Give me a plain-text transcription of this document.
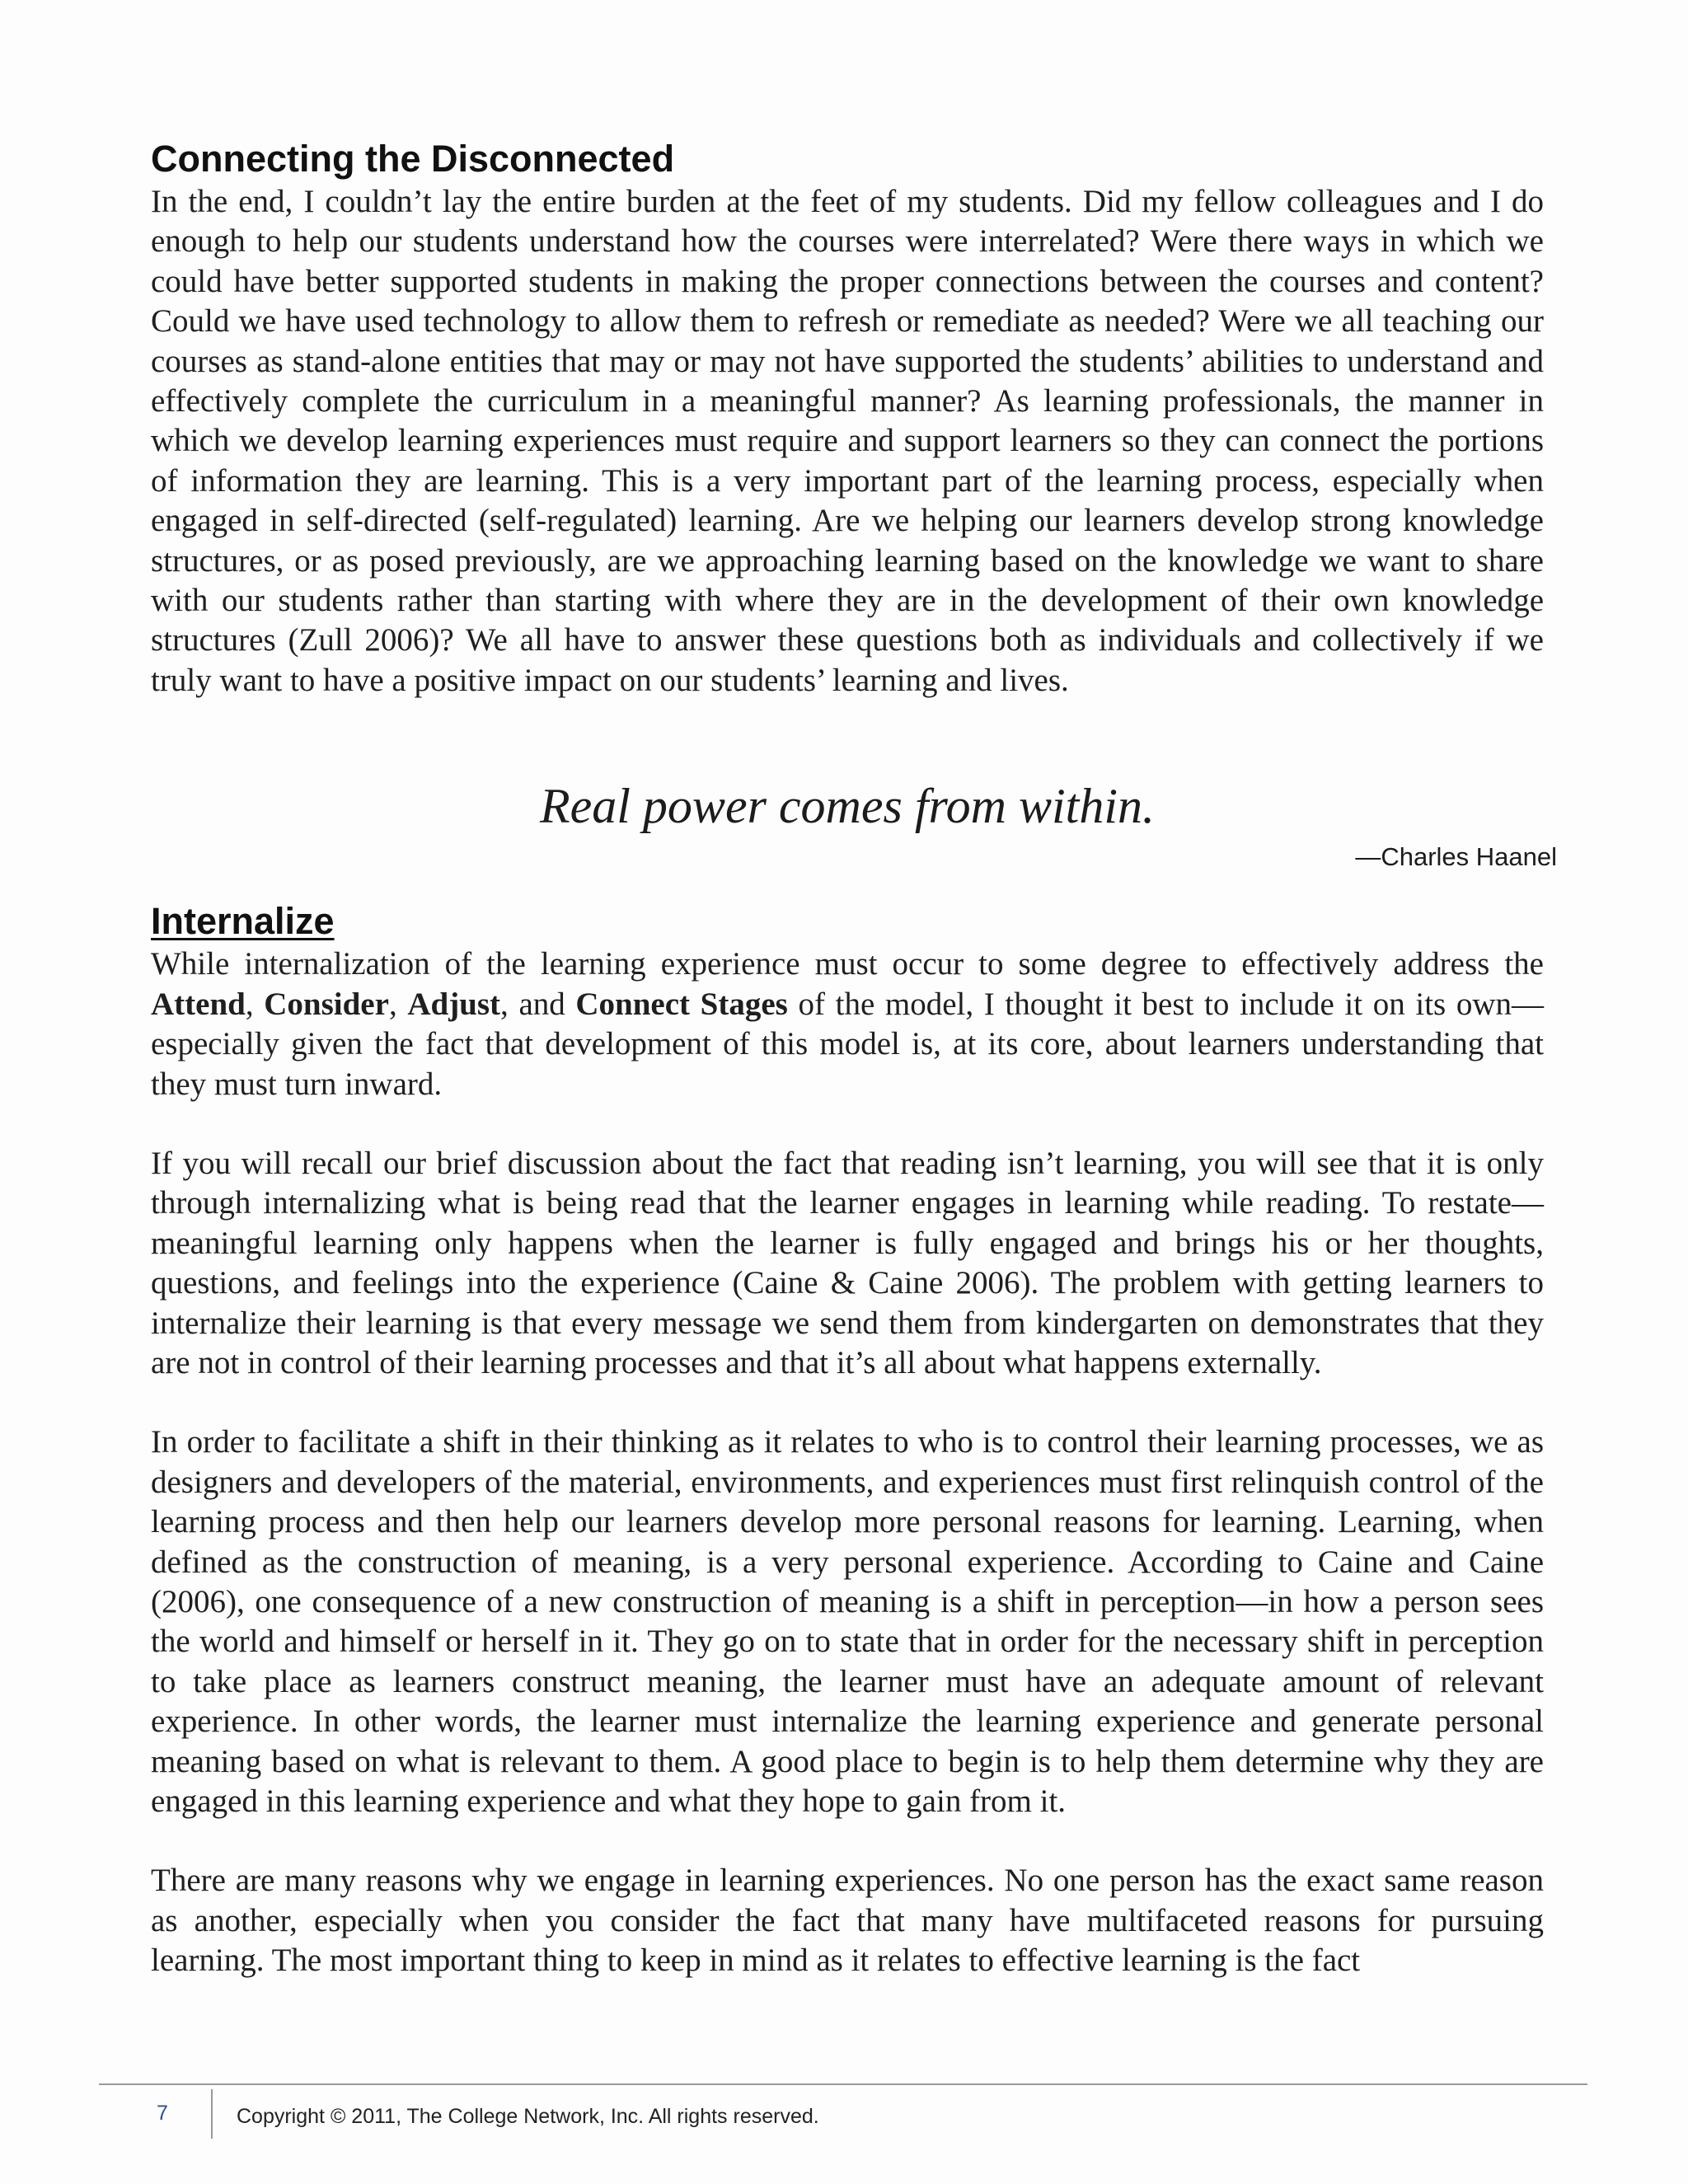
Connecting the Disconnected

In the end, I couldn’t lay the entire burden at the feet of my students. Did my fellow colleagues and I do enough to help our students understand how the courses were interrelated? Were there ways in which we could have better supported students in making the proper connections between the courses and content? Could we have used technology to allow them to refresh or remediate as needed? Were we all teaching our courses as stand-alone entities that may or may not have supported the students’ abilities to understand and effectively complete the curriculum in a meaningful manner? As learning professionals, the manner in which we develop learning experiences must require and support learners so they can connect the portions of information they are learning. This is a very important part of the learning process, especially when engaged in self-directed (self-regulated) learning. Are we helping our learners develop strong knowledge structures, or as posed previously, are we approaching learning based on the knowledge we want to share with our students rather than starting with where they are in the development of their own knowledge structures (Zull 2006)? We all have to answer these questions both as individuals and collectively if we truly want to have a positive impact on our students’ learning and lives.

Real power comes from within.

—Charles Haanel

Internalize

While internalization of the learning experience must occur to some degree to effectively address the Attend, Consider, Adjust, and Connect Stages of the model, I thought it best to include it on its own—especially given the fact that development of this model is, at its core, about learners understanding that they must turn inward.

If you will recall our brief discussion about the fact that reading isn’t learning, you will see that it is only through internalizing what is being read that the learner engages in learning while reading. To restate—meaningful learning only happens when the learner is fully engaged and brings his or her thoughts, questions, and feelings into the experience (Caine & Caine 2006). The problem with getting learners to internalize their learning is that every message we send them from kindergarten on demonstrates that they are not in control of their learning processes and that it’s all about what happens externally.

In order to facilitate a shift in their thinking as it relates to who is to control their learning processes, we as designers and developers of the material, environments, and experiences must first relinquish control of the learning process and then help our learners develop more personal reasons for learning. Learning, when defined as the construction of meaning, is a very personal experience. According to Caine and Caine (2006), one consequence of a new construction of meaning is a shift in perception—in how a person sees the world and himself or herself in it. They go on to state that in order for the necessary shift in perception to take place as learners construct meaning, the learner must have an adequate amount of relevant experience. In other words, the learner must internalize the learning experience and generate personal meaning based on what is relevant to them. A good place to begin is to help them determine why they are engaged in this learning experience and what they hope to gain from it.

There are many reasons why we engage in learning experiences. No one person has the exact same reason as another, especially when you consider the fact that many have multifaceted reasons for pursuing learning. The most important thing to keep in mind as it relates to effective learning is the fact

7	Copyright © 2011, The College Network, Inc. All rights reserved.
